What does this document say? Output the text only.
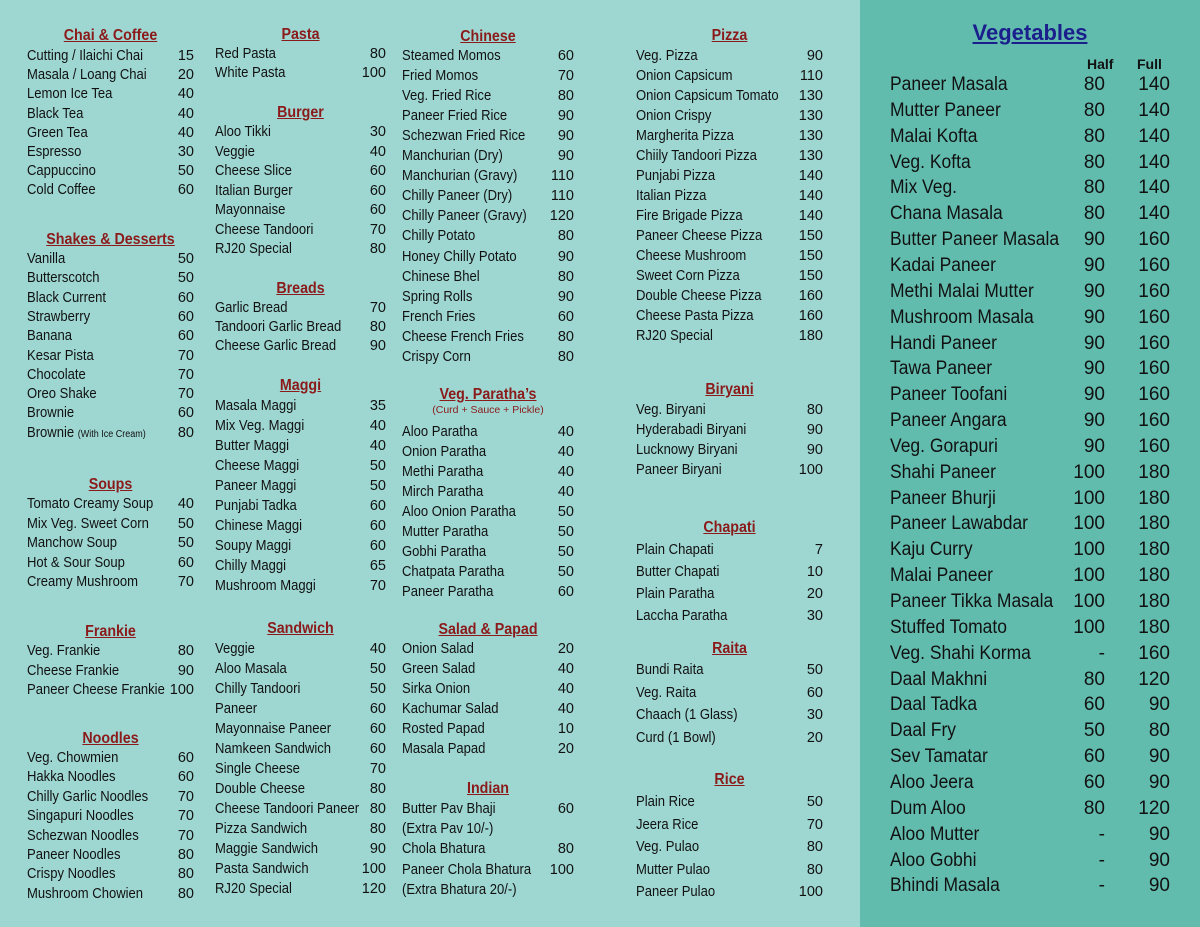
Chai & Coffee
Cutting / Ilaichi Chai 15
Masala / Loang Chai 20
Lemon Ice Tea	40
Black Tea	40
Green Tea	40
Espresso	30
Cappuccino	50
Cold Coffee	60
Shakes & Desserts
Vanilla	50
Butterscotch	50
Black Current	60
Strawberry	60
Banana	60
Kesar Pista	70
Chocolate	70
Oreo Shake	70
Brownie	60
Brownie (With Ice Cream) 80
Soups
Tomato Creamy Soup 40
Mix Veg. Sweet Corn 50
Manchow Soup	50
Hot & Sour Soup	60
Creamy Mushroom	70
Frankie
Veg. Frankie	80
Cheese Frankie	90
Paneer Cheese Frankie 100
Noodles
Veg. Chowmien	60
Hakka Noodles	60
Chilly Garlic Noodles 70
Singapuri Noodles	70
Schezwan Noodles	70
Paneer Noodles	80
Crispy Noodles	80
Mushroom Chowien 80
Pasta
Red Pasta	80
White Pasta	100
Burger
Aloo Tikki	30
Veggie	40
Cheese Slice	60
Italian Burger	60
Mayonnaise	60
Cheese Tandoori	70
RJ20 Special	80
Breads
Garlic Bread	70
Tandoori Garlic Bread 80
Cheese Garlic Bread 90
Maggi
Masala Maggi	35
Mix Veg. Maggi	40
Butter Maggi	40
Cheese Maggi	50
Paneer Maggi	50
Punjabi Tadka	60
Chinese Maggi	60
Soupy Maggi	60
Chilly Maggi	65
Mushroom Maggi	70
Sandwich
Veggie	40
Aloo Masala	50
Chilly Tandoori	50
Paneer	60
Mayonnaise Paneer	60
Namkeen Sandwich	60
Single Cheese	70
Double Cheese	80
Cheese Tandoori Paneer 80
Pizza Sandwich	80
Maggie Sandwich	90
Pasta Sandwich	100
RJ20 Special	120
Chinese
Steamed Momos	60
Fried Momos	70
Veg. Fried Rice	80
Paneer Fried Rice	90
Schezwan Fried Rice 90
Manchurian (Dry)	90
Manchurian (Gravy) 110
Chilly Paneer (Dry)	110
Chilly Paneer (Gravy) 120
Chilly Potato	80
Honey Chilly Potato	90
Chinese Bhel	80
Spring Rolls	90
French Fries	60
Cheese French Fries 80
Crispy Corn	80
Veg. Paratha’s
(Curd + Sauce + Pickle)
Aloo Paratha	40
Onion Paratha	40
Methi Paratha	40
Mirch Paratha	40
Aloo Onion Paratha	50
Mutter Paratha	50
Gobhi Paratha	50
Chatpata Paratha	50
Paneer Paratha	60
Salad & Papad
Onion Salad	20
Green Salad	40
Sirka Onion	40
Kachumar Salad	40
Rosted Papad	10
Masala Papad	20
Indian
Butter Pav Bhaji	60
(Extra Pav 10/-)
Chola Bhatura	80
Paneer Chola Bhatura 100
(Extra Bhatura 20/-)
Pizza
Veg. Pizza	90
Onion Capsicum	110
Onion Capsicum Tomato 130
Onion Crispy	130
Margherita Pizza	130
Chiily Tandoori Pizza	130
Punjabi Pizza	140
Italian Pizza	140
Fire Brigade Pizza	140
Paneer Cheese Pizza	150
Cheese Mushroom	150
Sweet Corn Pizza	150
Double Cheese Pizza	160
Cheese Pasta Pizza	160
RJ20 Special	180
Biryani
Veg. Biryani	80
Hyderabadi Biryani	90
Lucknowy Biryani	90
Paneer Biryani	100
Chapati
Plain Chapati	7
Butter Chapati	10
Plain Paratha	20
Laccha Paratha	30
Raita
Bundi Raita	50
Veg. Raita	60
Chaach (1 Glass)	30
Curd (1 Bowl)	20
Rice
Plain Rice	50
Jeera Rice	70
Veg. Pulao	80
Mutter Pulao	80
Paneer Pulao	100
Vegetables
Half Full
Paneer Masala	80	140
Mutter Paneer	80	140
Malai Kofta	80	140
Veg. Kofta	80	140
Mix Veg.	80	140
Chana Masala	80	140
Butter Paneer Masala	90	160
Kadai Paneer	90	160
Methi Malai Mutter	90	160
Mushroom Masala	90	160
Handi Paneer	90	160
Tawa Paneer	90	160
Paneer Toofani	90	160
Paneer Angara	90	160
Veg. Gorapuri	90	160
Shahi Paneer	100	180
Paneer Bhurji	100	180
Paneer Lawabdar	100	180
Kaju Curry	100	180
Malai Paneer	100	180
Paneer Tikka Masala	100	180
Stuffed Tomato	100	180
Veg. Shahi Korma	-	160
Daal Makhni	80	120
Daal Tadka	60	90
Daal Fry	50	80
Sev Tamatar	60	90
Aloo Jeera	60	90
Dum Aloo	80	120
Aloo Mutter	-	90
Aloo Gobhi	-	90
Bhindi Masala	-	90
